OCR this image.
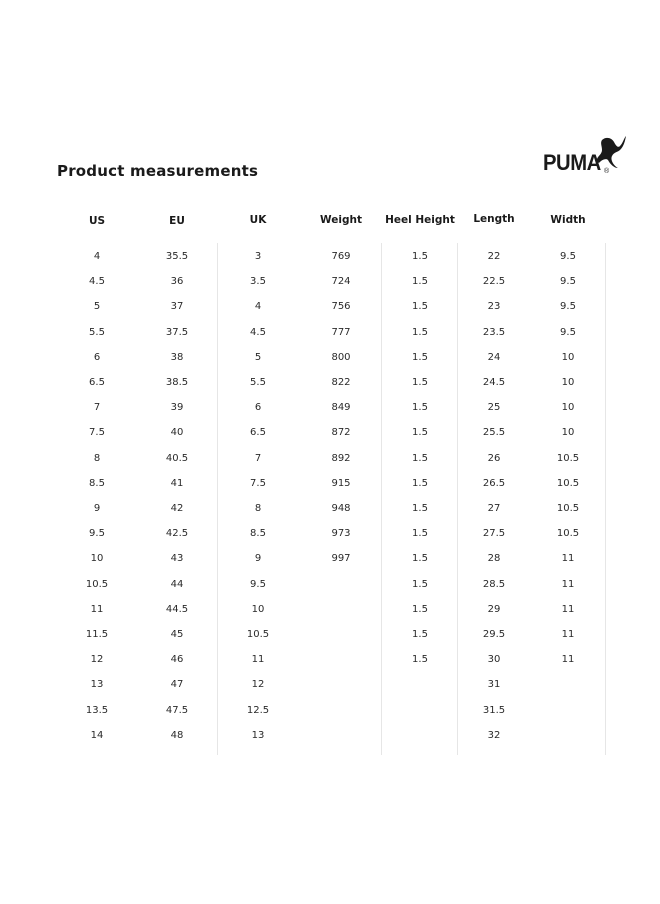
Product measurements	PUMA ®
US
4
4.5
5
5.5
6
6.5
7
7.5
8
8.5
9
9.5
10
10.5
11
11.5
12
13
13.5
14
EU
35.5
36
37
37.5
38
38.5
39
40
40.5
41
42
42.5
43
44
44.5
45
46
47
47.5
48
UK
3
3.5
4
4.5
5
5.5
6
6.5
7
7.5
8
8.5
9
9.5
10
10.5
11
12
12.5
13
Weight
769
724
756
777
800
822
849
872
892
915
948
973
997
Heel Height
1.5
1.5
1.5
1.5
1.5
1.5
1.5
1.5
1.5
1.5
1.5
1.5
1.5
1.5
1.5
1.5
1.5
Length
22
22.5
23
23.5
24
24.5
25
25.5
26
26.5
27
27.5
28
28.5
29
29.5
30
31
31.5
32
Width
9.5
9.5
9.5
9.5
10
10
10
10
10.5
10.5
10.5
10.5
11
11
11
11
11
